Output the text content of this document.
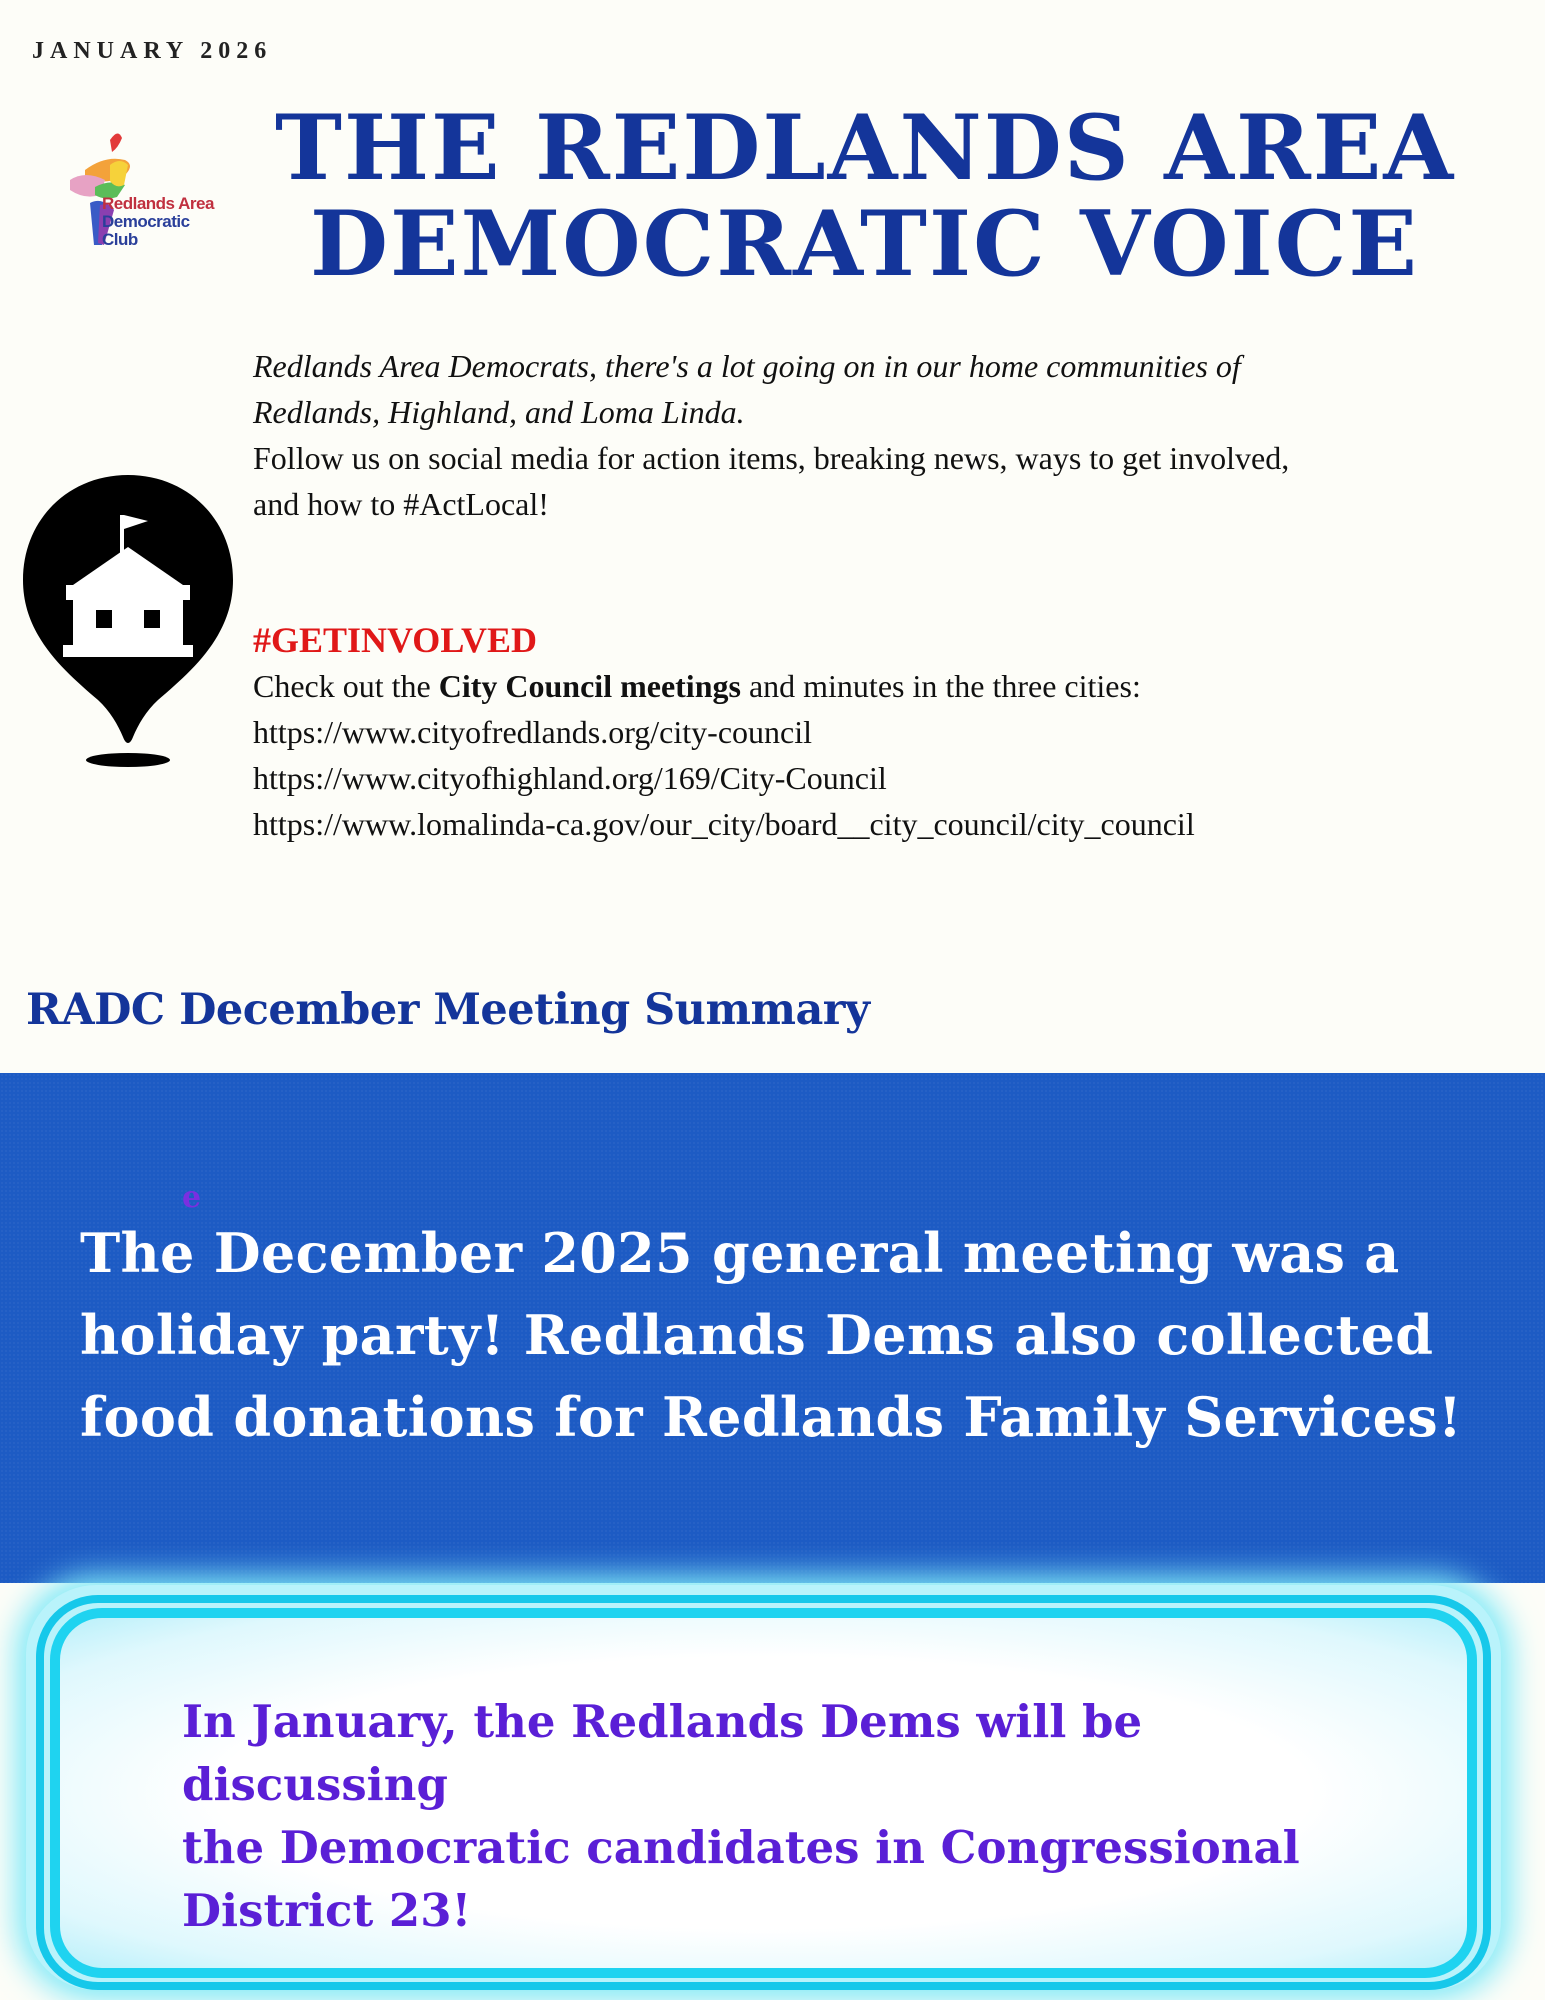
JANUARY 2026
Redlands Area
Democratic
Club
THE REDLANDS AREA
DEMOCRATIC VOICE
Redlands Area Democrats, there's a lot going on in our home communities of
Redlands, Highland, and Loma Linda.
Follow us on social media for action items, breaking news, ways to get involved,
and how to #ActLocal!
#GETINVOLVED
Check out the City Council meetings and minutes in the three cities:
https://www.cityofredlands.org/city-council
https://www.cityofhighland.org/169/City-Council
https://www.lomalinda-ca.gov/our_city/board__city_council/city_council
RADC December Meeting Summary
e
The December 2025 general meeting was a
holiday party! Redlands Dems also collected
food donations for Redlands Family Services!
In January, the Redlands Dems will be discussing
the Democratic candidates in Congressional
District 23!
